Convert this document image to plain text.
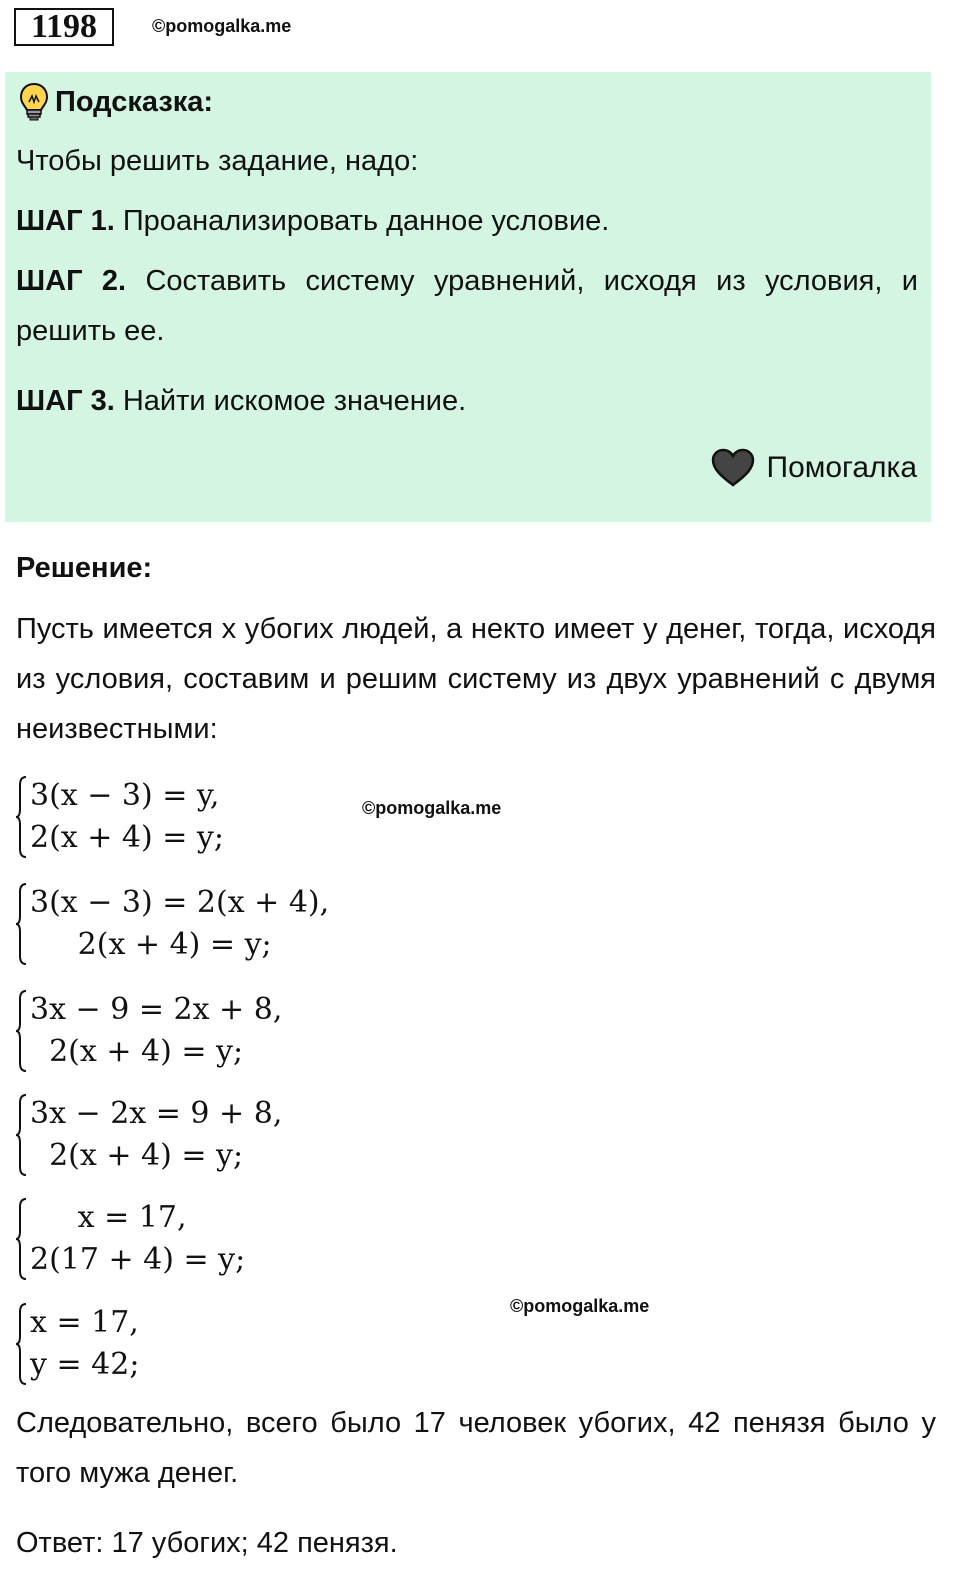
1198	©pomogalka.me
Подсказка:

Чтобы решить задание, надо:

ШАГ 1. Проанализировать данное условие.

ШАГ 2. Составить систему уравнений, исходя из условия, и решить ее.

ШАГ 3. Найти искомое значение.

Помогалка

Решение:

Пусть имеется x убогих людей, а некто имеет у денег, тогда, исходя из условия, составим и решим систему из двух уравнений с двумя неизвестными:

©pomogalka.me
©pomogalka.me
3(x − 3) = y,
2(x + 4) = y;
3(x − 3) = 2(x + 4),
2(x + 4) = y;
3x − 9 = 2x + 8,
2(x + 4) = y;
3x − 2x = 9 + 8,
2(x + 4) = y;
x = 17,
2(17 + 4) = y;
x = 17,
y = 42;

Следовательно, всего было 17 человек убогих, 42 пенязя было у того мужа денег.

Ответ: 17 убогих; 42 пенязя.
